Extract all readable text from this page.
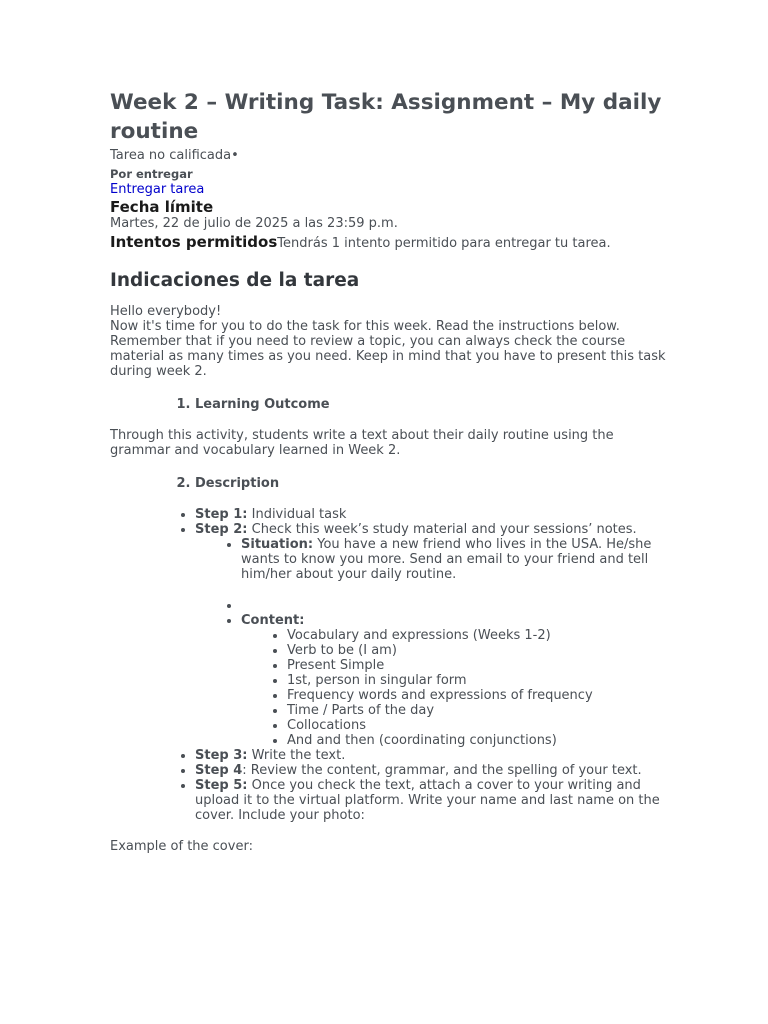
Week 2 – Writing Task: Assignment – My daily routine
Tarea no calificada•
Por entregar
Entregar tarea
Fecha límite
Martes, 22 de julio de 2025 a las 23:59 p.m.
Intentos permitidosTendrás 1 intento permitido para entregar tu tarea.
Indicaciones de la tarea

Hello everybody!

Now it's time for you to do the task for this week. Read the instructions below. Remember that if you need to review a topic, you can always check the course material as many times as you need. Keep in mind that you have to present this task during week 2.

1. Learning Outcome
Through this activity, students write a text about their daily routine using the grammar and vocabulary learned in Week 2.
2. Description
• Step 1: Individual task
• Step 2: Check this week’s study material and your sessions’ notes.
• Situation: You have a new friend who lives in the USA. He/she wants to know you more. Send an email to your friend and tell him/her about your daily routine.
•
• Content:
• Vocabulary and expressions (Weeks 1-2)
• Verb to be (I am)
• Present Simple
• 1st, person in singular form
• Frequency words and expressions of frequency
• Time / Parts of the day
• Collocations
• And and then (coordinating conjunctions)
• Step 3: Write the text.
• Step 4: Review the content, grammar, and the spelling of your text.
• Step 5: Once you check the text, attach a cover to your writing and upload it to the virtual platform. Write your name and last name on the cover. Include your photo:
Example of the cover:
